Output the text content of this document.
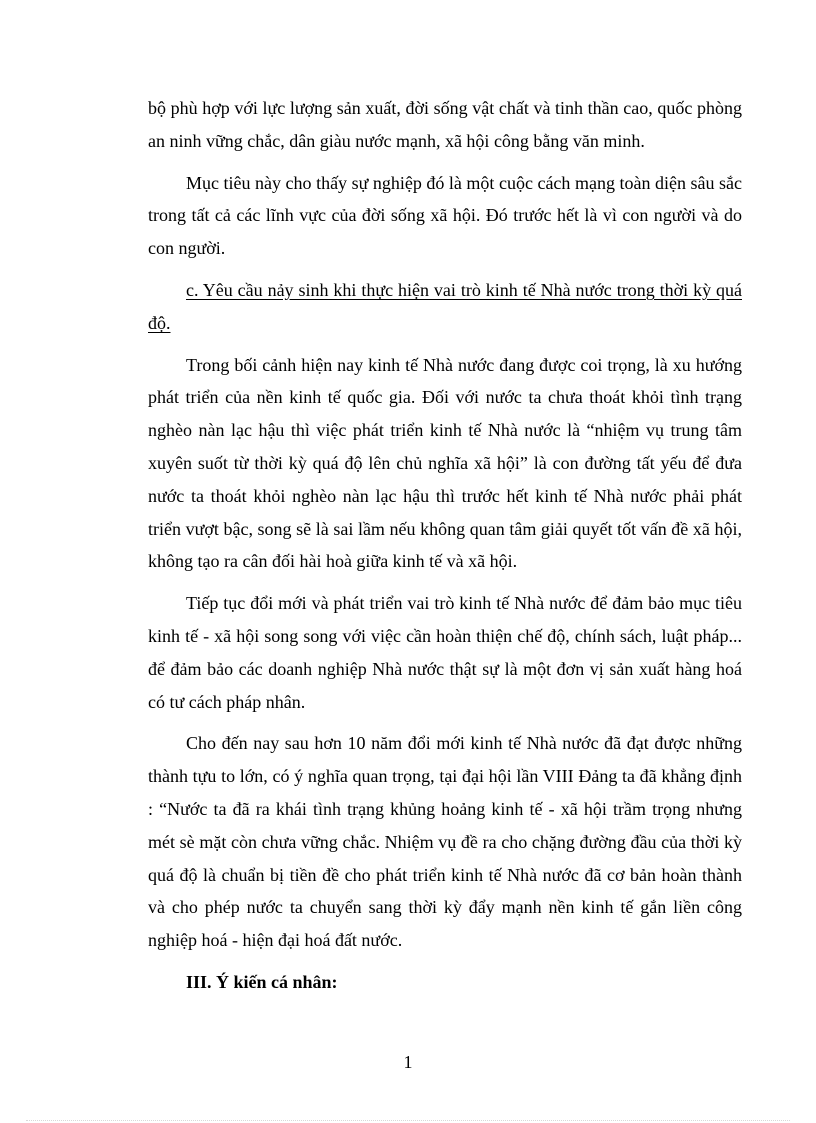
bộ phù hợp với lực lượng sản xuất, đời sống vật chất và tinh thần cao, quốc phòng an ninh vững chắc, dân giàu nước mạnh, xã hội công bằng văn minh.

Mục tiêu này cho thấy sự nghiệp đó là một cuộc cách mạng toàn diện sâu sắc trong tất cả các lĩnh vực của đời sống xã hội. Đó trước hết là vì con người và do con người.

c. Yêu cầu nảy sinh khi thực hiện vai trò kinh tế Nhà nước trong thời kỳ quá độ.

Trong bối cảnh hiện nay kinh tế Nhà nước đang được coi trọng, là xu hướng phát triển của nền kinh tế quốc gia. Đối với nước ta chưa thoát khỏi tình trạng nghèo nàn lạc hậu thì việc phát triển kinh tế Nhà nước là “nhiệm vụ trung tâm xuyên suốt từ thời kỳ quá độ lên chủ nghĩa xã hội” là con đường tất yếu để đưa nước ta thoát khỏi nghèo nàn lạc hậu thì trước hết kinh tế Nhà nước phải phát triển vượt bậc, song sẽ là sai lầm nếu không quan tâm giải quyết tốt vấn đề xã hội, không tạo ra cân đối hài hoà giữa kinh tế và xã hội.

Tiếp tục đổi mới và phát triển vai trò kinh tế Nhà nước để đảm bảo mục tiêu kinh tế - xã hội song song với việc cần hoàn thiện chế độ, chính sách, luật pháp... để đảm bảo các doanh nghiệp Nhà nước thật sự là một đơn vị sản xuất hàng hoá có tư cách pháp nhân.

Cho đến nay sau hơn 10 năm đổi mới kinh tế Nhà nước đã đạt được những thành tựu to lớn, có ý nghĩa quan trọng, tại đại hội lần VIII Đảng ta đã khẳng định : “Nước ta đã ra khái tình trạng khủng hoảng kinh tế - xã hội trầm trọng nhưng mét sè mặt còn chưa vững chắc. Nhiệm vụ đề ra cho chặng đường đầu của thời kỳ quá độ là chuẩn bị tiền đề cho phát triển kinh tế Nhà nước đã cơ bản hoàn thành và cho phép nước ta chuyển sang thời kỳ đẩy mạnh nền kinh tế gắn liền công nghiệp hoá - hiện đại hoá đất nước.

III. Ý kiến cá nhân:

1
